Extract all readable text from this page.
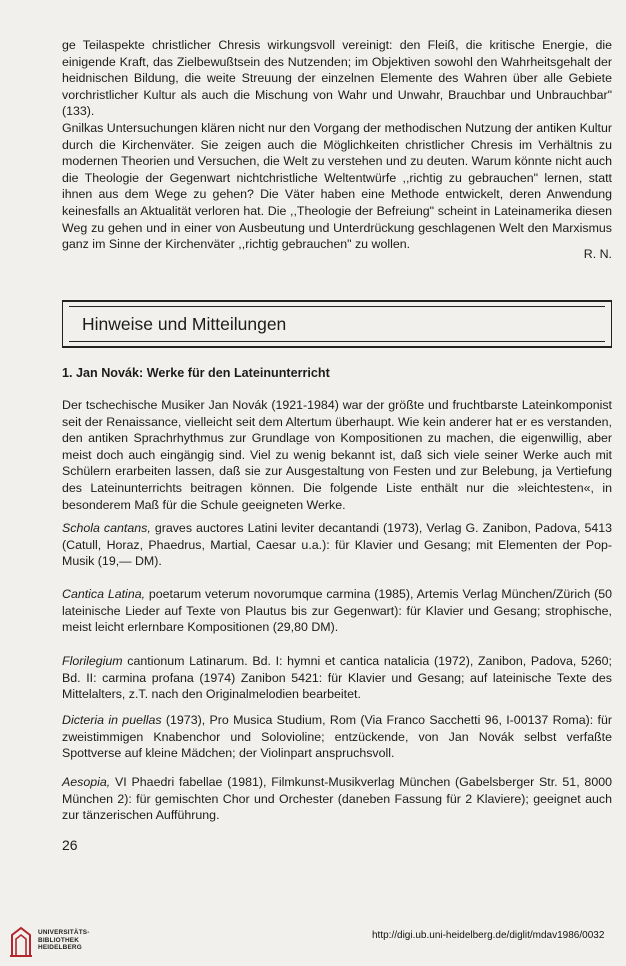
ge Teilaspekte christlicher Chresis wirkungsvoll vereinigt: den Fleiß, die kritische Energie, die einigende Kraft, das Zielbewußtsein des Nutzenden; im Objektiven sowohl den Wahrheitsgehalt der heidnischen Bildung, die weite Streuung der einzelnen Elemente des Wahren über alle Gebiete vorchristlicher Kultur als auch die Mischung von Wahr und Unwahr, Brauchbar und Unbrauchbar" (133).

Gnilkas Untersuchungen klären nicht nur den Vorgang der methodischen Nutzung der antiken Kultur durch die Kirchenväter. Sie zeigen auch die Möglichkeiten christlicher Chresis im Verhältnis zu modernen Theorien und Versuchen, die Welt zu verstehen und zu deuten. Warum könnte nicht auch die Theologie der Gegenwart nichtchristliche Weltentwürfe ,,richtig zu gebrauchen" lernen, statt ihnen aus dem Wege zu gehen? Die Väter haben eine Methode entwickelt, deren Anwendung keinesfalls an Aktualität verloren hat. Die ,,Theologie der Befreiung" scheint in Lateinamerika diesen Weg zu gehen und in einer von Ausbeutung und Unterdrückung geschlagenen Welt den Marxismus ganz im Sinne der Kirchenväter ,,richtig gebrauchen" zu wollen.

R. N.
Hinweise und Mitteilungen
1. Jan Novák: Werke für den Lateinunterricht
Der tschechische Musiker Jan Novák (1921-1984) war der größte und fruchtbarste Lateinkomponist seit der Renaissance, vielleicht seit dem Altertum überhaupt. Wie kein anderer hat er es verstanden, den antiken Sprachrhythmus zur Grundlage von Kompositionen zu machen, die eigenwillig, aber meist doch auch eingängig sind. Viel zu wenig bekannt ist, daß sich viele seiner Werke auch mit Schülern erarbeiten lassen, daß sie zur Ausgestaltung von Festen und zur Belebung, ja Vertiefung des Lateinunterrichts beitragen können. Die folgende Liste enthält nur die »leichtesten«, in besonderem Maß für die Schule geeigneten Werke.
Schola cantans, graves auctores Latini leviter decantandi (1973), Verlag G. Zanibon, Padova, 5413 (Catull, Horaz, Phaedrus, Martial, Caesar u.a.): für Klavier und Gesang; mit Elementen der Pop-Musik (19,— DM).
Cantica Latina, poetarum veterum novorumque carmina (1985), Artemis Verlag München/Zürich (50 lateinische Lieder auf Texte von Plautus bis zur Gegenwart): für Klavier und Gesang; strophische, meist leicht erlernbare Kompositionen (29,80 DM).
Florilegium cantionum Latinarum. Bd. I: hymni et cantica natalicia (1972), Zanibon, Padova, 5260; Bd. II: carmina profana (1974) Zanibon 5421: für Klavier und Gesang; auf lateinische Texte des Mittelalters, z.T. nach den Originalmelodien bearbeitet.
Dicteria in puellas (1973), Pro Musica Studium, Rom (Via Franco Sacchetti 96, I-00137 Roma): für zweistimmigen Knabenchor und Solovioline; entzückende, von Jan Novák selbst verfaßte Spottverse auf kleine Mädchen; der Violinpart anspruchsvoll.
Aesopia, VI Phaedri fabellae (1981), Filmkunst-Musikverlag München (Gabelsberger Str. 51, 8000 München 2): für gemischten Chor und Orchester (daneben Fassung für 2 Klaviere); geeignet auch zur tänzerischen Aufführung.
26
UNIVERSITÄTS-
BIBLIOTHEK
HEIDELBERG
http://digi.ub.uni-heidelberg.de/diglit/mdav1986/0032
